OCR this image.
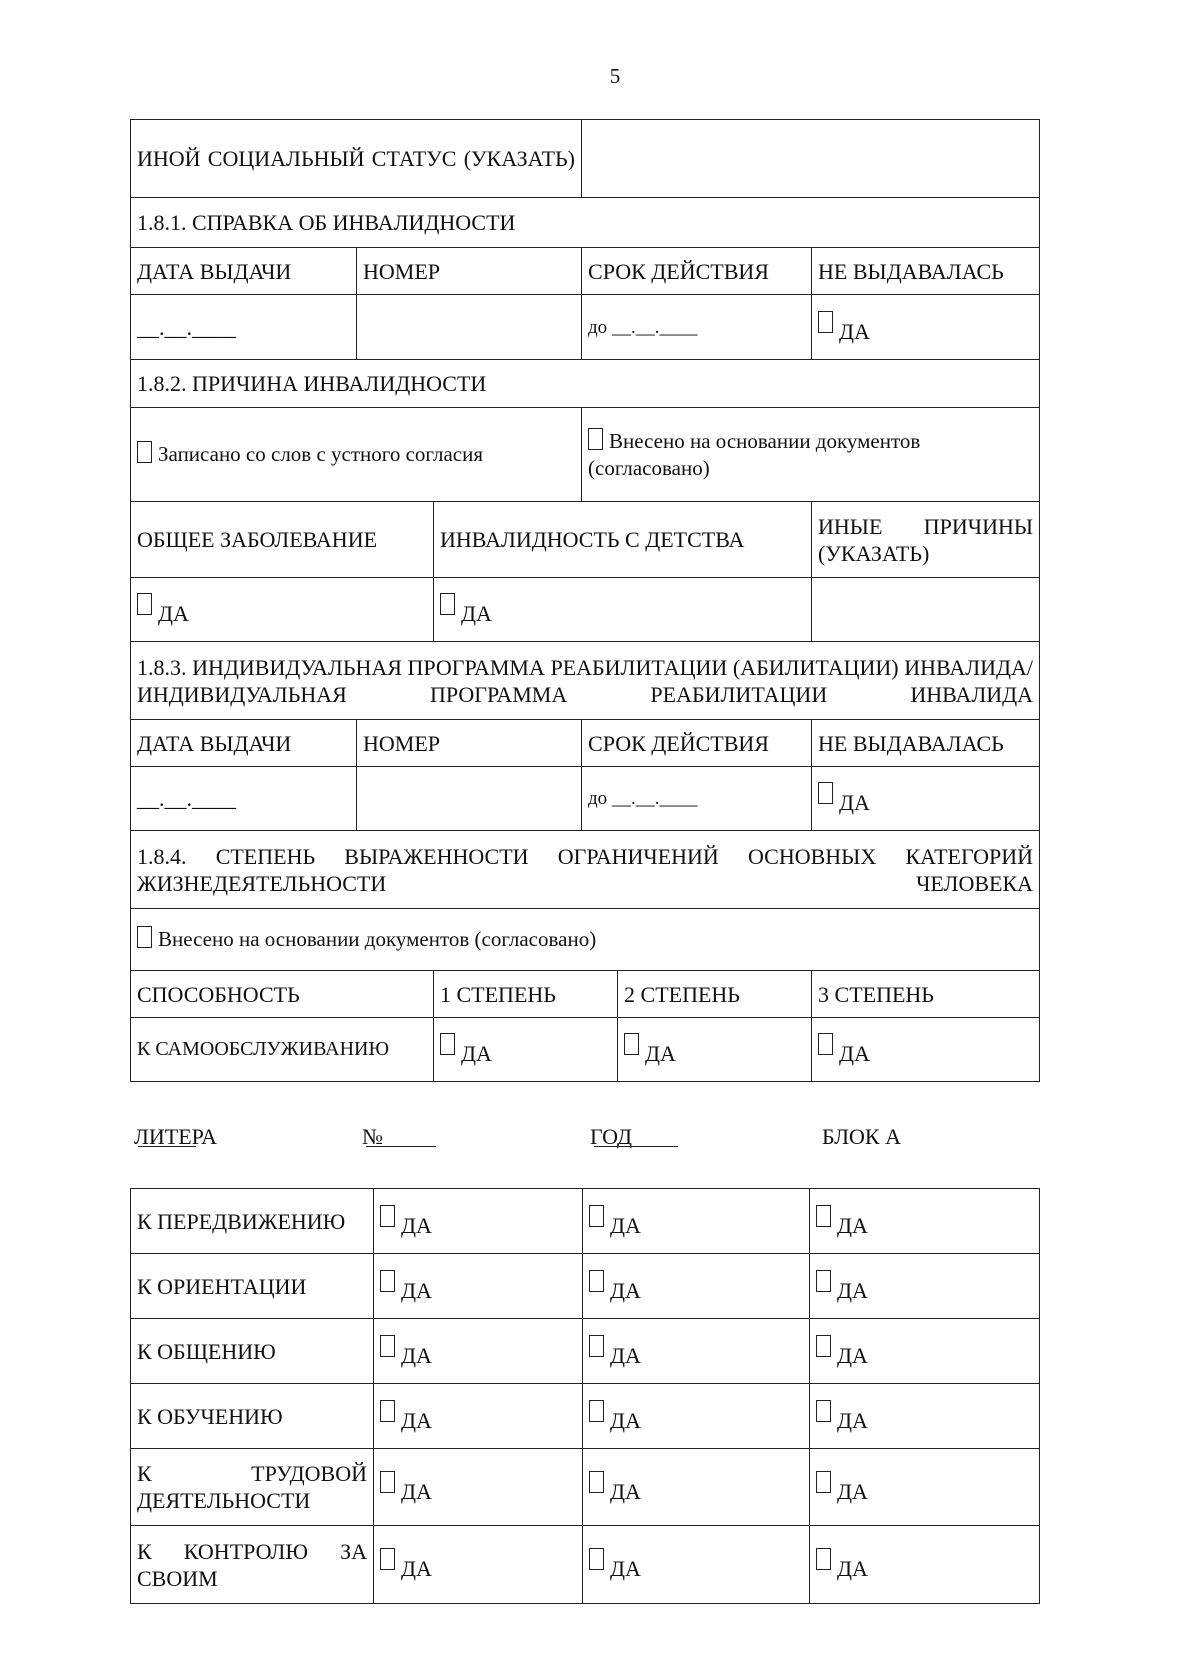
5
ИНОЙ СОЦИАЛЬНЫЙ СТАТУС (УКАЗАТЬ)					
1.8.1. СПРАВКА ОБ ИНВАЛИДНОСТИ					
ДАТА ВЫДАЧИ	НОМЕР		СРОК ДЕЙСТВИЯ		НЕ ВЫДАВАЛАСЬ
__.__.____			до __.__.____		ДА
1.8.2. ПРИЧИНА ИНВАЛИДНОСТИ					
Записано со слов с устного согласия			Внесено на основании документов (согласовано)		
ОБЩЕЕ ЗАБОЛЕВАНИЕ		ИНВАЛИДНОСТЬ С ДЕТСТВА			ИНЫЕ ПРИЧИНЫ (УКАЗАТЬ)
ДА		ДА			
1.8.3. ИНДИВИДУАЛЬНАЯ ПРОГРАММА РЕАБИЛИТАЦИИ (АБИЛИТАЦИИ) ИНВАЛИДА/ИНДИВИДУАЛЬНАЯ ПРОГРАММА РЕАБИЛИТАЦИИ ИНВАЛИДА					
ДАТА ВЫДАЧИ	НОМЕР		СРОК ДЕЙСТВИЯ		НЕ ВЫДАВАЛАСЬ
__.__.____			до __.__.____		ДА
1.8.4. СТЕПЕНЬ ВЫРАЖЕННОСТИ ОГРАНИЧЕНИЙ ОСНОВНЫХ КАТЕГОРИЙ ЖИЗНЕДЕЯТЕЛЬНОСТИ ЧЕЛОВЕКА					
Внесено на основании документов (согласовано)					
СПОСОБНОСТЬ		1 СТЕПЕНЬ		2 СТЕПЕНЬ	3 СТЕПЕНЬ
К САМООБСЛУЖИВАНИЮ		ДА		ДА	ДА
ЛИТЕРА	№	ГОД	БЛОК А
К ПЕРЕДВИЖЕНИЮ	ДА	ДА	ДА
К ОРИЕНТАЦИИ	ДА	ДА	ДА
К ОБЩЕНИЮ	ДА	ДА	ДА
К ОБУЧЕНИЮ	ДА	ДА	ДА
К ТРУДОВОЙ ДЕЯТЕЛЬНОСТИ	ДА	ДА	ДА
К КОНТРОЛЮ ЗА СВОИМ	ДА	ДА	ДА
